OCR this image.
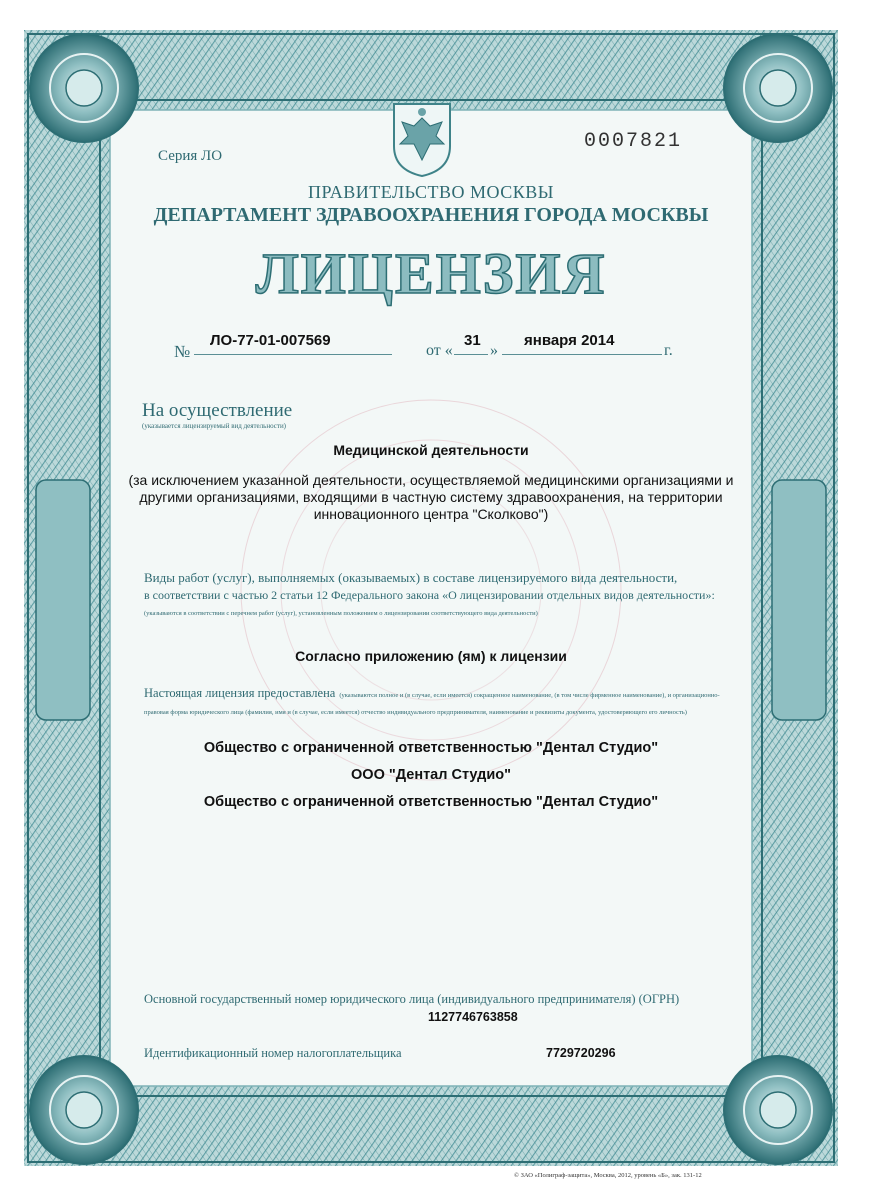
Серия ЛО
0007821
ПРАВИТЕЛЬСТВО МОСКВЫ
ДЕПАРТАМЕНТ ЗДРАВООХРАНЕНИЯ ГОРОДА МОСКВЫ
ЛИЦЕНЗИЯ
№
ЛО-77-01-007569
от «
31
»
января 2014
г.
На осуществление
(указывается лицензируемый вид деятельности)
Медицинской деятельности
(за исключением указанной деятельности, осуществляемой медицинскими организациями и другими организациями, входящими в частную систему здравоохранения, на территории инновационного центра "Сколково")
Виды работ (услуг), выполняемых (оказываемых) в составе лицензируемого вида деятельности,
в соответствии с частью 2 статьи 12 Федерального закона «О лицензировании отдельных видов деятельности»:
(указываются в соответствии с перечнем работ (услуг), установленным положением о лицензировании соответствующего вида деятельности)
Согласно приложению (ям) к лицензии
Настоящая лицензия предоставлена (указываются полное и (в случае, если имеется) сокращенное наименование, (в том числе фирменное наименование), и организационно-правовая форма юридического лица (фамилия, имя и (в случае, если имеется) отчество индивидуального предпринимателя, наименование и реквизиты документа, удостоверяющего его личность)
Общество с ограниченной ответственностью "Дентал Студио"
ООО "Дентал Студио"
Общество с ограниченной ответственностью "Дентал Студио"
Основной государственный номер юридического лица (индивидуального предпринимателя) (ОГРН)
1127746763858
Идентификационный номер налогоплательщика	7729720296
© ЗАО «Полиграф-защита», Москва, 2012, уровень «Б», зак. 131-12
